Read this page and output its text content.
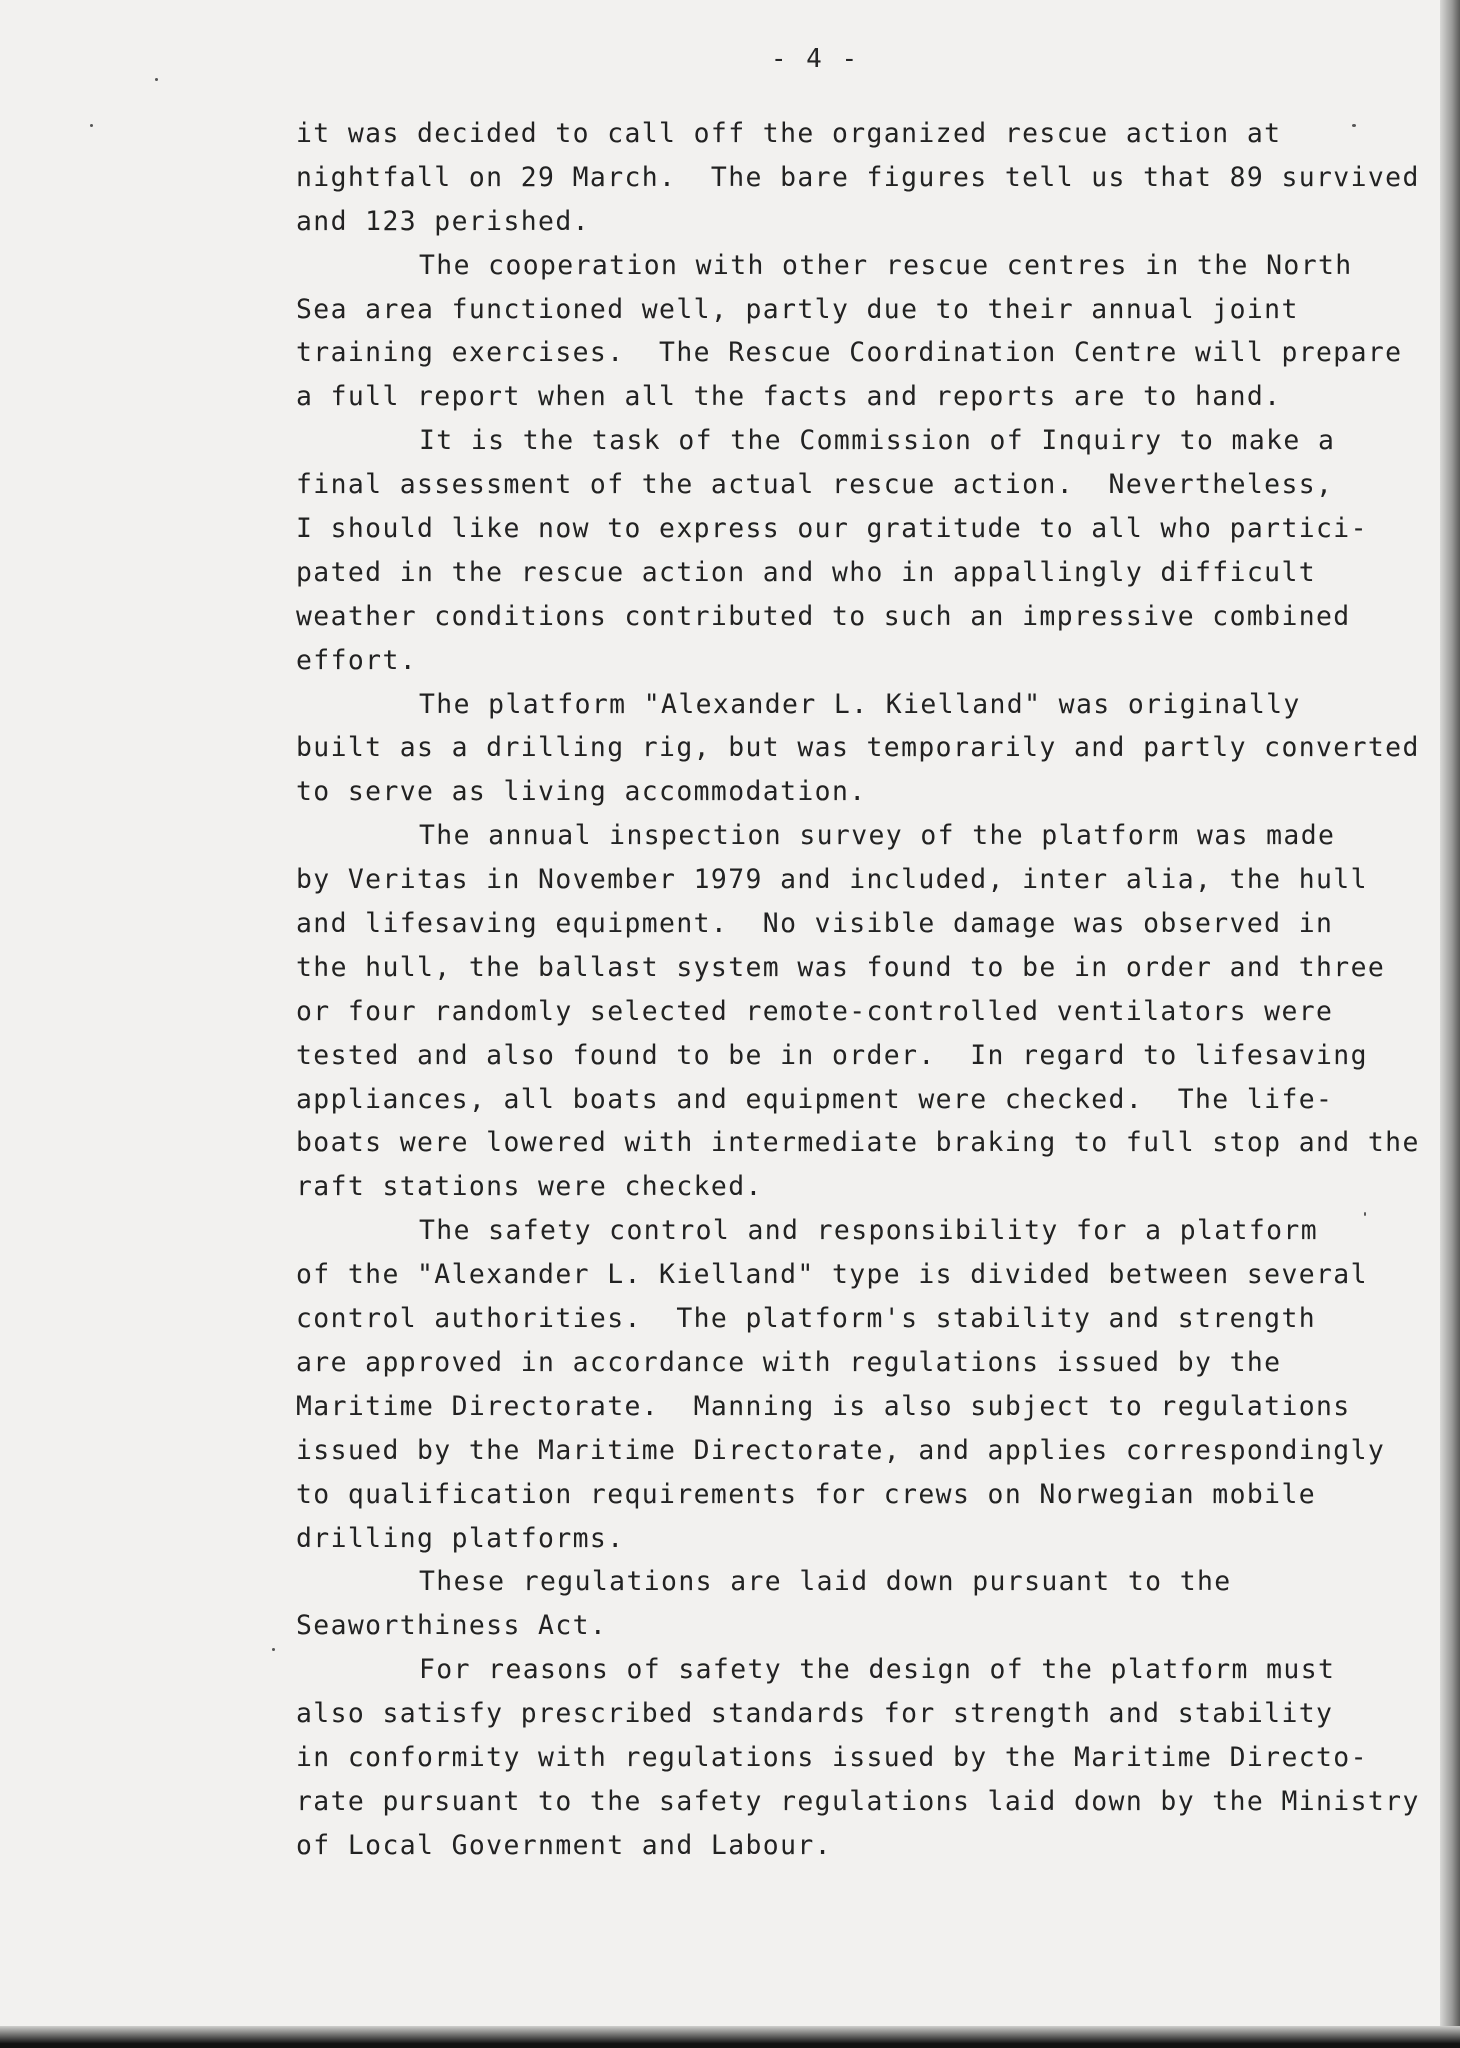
- 4 -
it was decided to call off the organized rescue action at
nightfall on 29 March.  The bare figures tell us that 89 survived
and 123 perished.
The cooperation with other rescue centres in the North
Sea area functioned well, partly due to their annual joint
training exercises.  The Rescue Coordination Centre will prepare
a full report when all the facts and reports are to hand.
It is the task of the Commission of Inquiry to make a
final assessment of the actual rescue action.  Nevertheless,
I should like now to express our gratitude to all who partici-
pated in the rescue action and who in appallingly difficult
weather conditions contributed to such an impressive combined
effort.
The platform "Alexander L. Kielland" was originally
built as a drilling rig, but was temporarily and partly converted
to serve as living accommodation.
The annual inspection survey of the platform was made
by Veritas in November 1979 and included, inter alia, the hull
and lifesaving equipment.  No visible damage was observed in
the hull, the ballast system was found to be in order and three
or four randomly selected remote-controlled ventilators were
tested and also found to be in order.  In regard to lifesaving
appliances, all boats and equipment were checked.  The life-
boats were lowered with intermediate braking to full stop and the
raft stations were checked.
The safety control and responsibility for a platform
of the "Alexander L. Kielland" type is divided between several
control authorities.  The platform's stability and strength
are approved in accordance with regulations issued by the
Maritime Directorate.  Manning is also subject to regulations
issued by the Maritime Directorate, and applies correspondingly
to qualification requirements for crews on Norwegian mobile
drilling platforms.
These regulations are laid down pursuant to the
Seaworthiness Act.
For reasons of safety the design of the platform must
also satisfy prescribed standards for strength and stability
in conformity with regulations issued by the Maritime Directo-
rate pursuant to the safety regulations laid down by the Ministry
of Local Government and Labour.
